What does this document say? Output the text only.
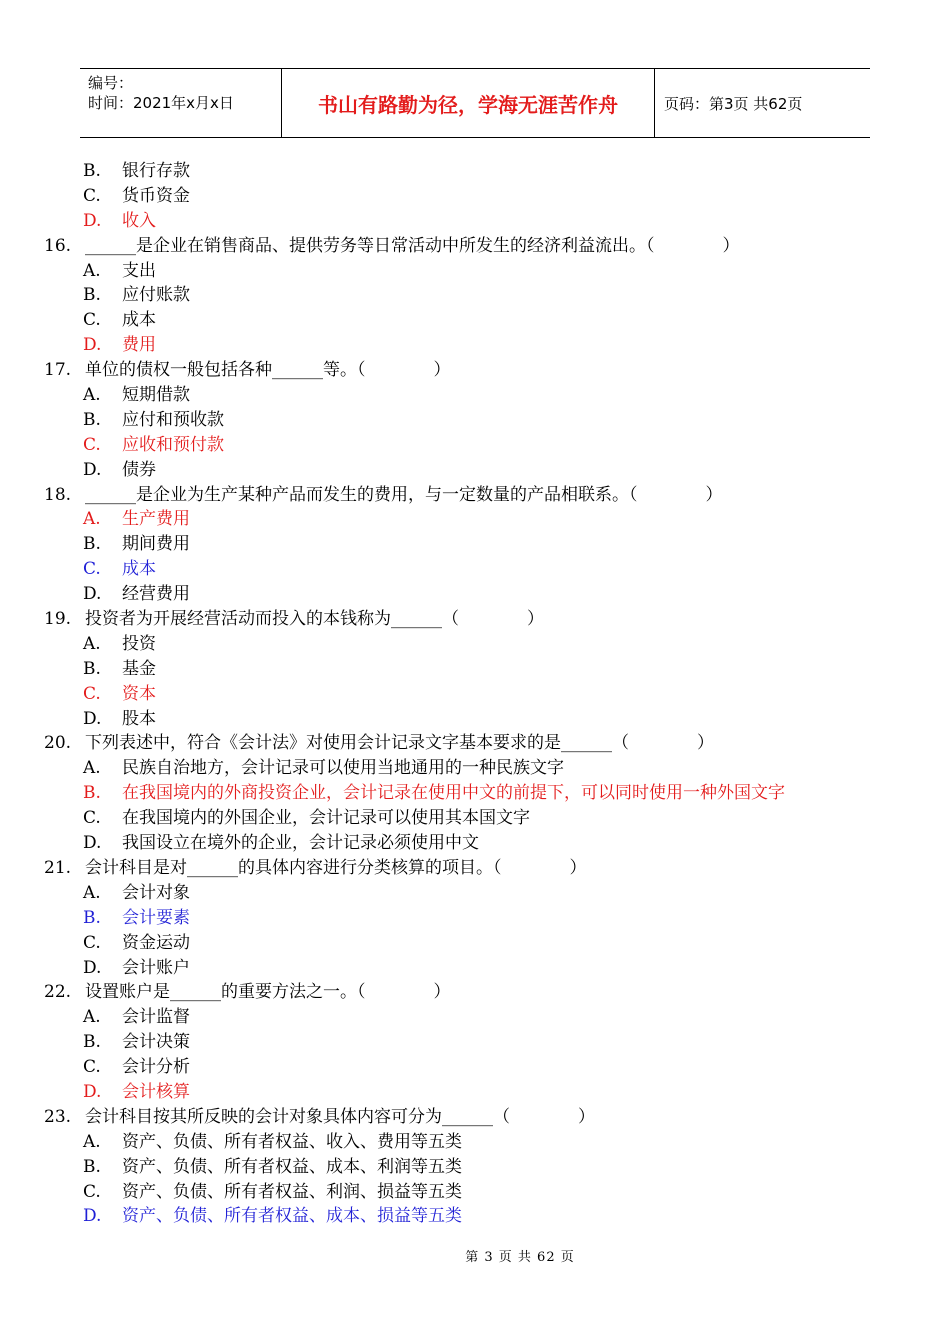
编号：
时间：2021年x月x日	书山有路勤为径，学海无涯苦作舟	页码：第3页 共62页
B.	银行存款
C.	货币资金
D.	收入
16. ______是企业在销售商品、提供劳务等日常活动中所发生的经济利益流出。（　　　　）
A.	支出
B.	应付账款
C.	成本
D.	费用
17. 单位的债权一般包括各种______等。（　　　　）
A.	短期借款
B.	应付和预收款
C.	应收和预付款
D.	债券
18. ______是企业为生产某种产品而发生的费用，与一定数量的产品相联系。（　　　　）
A.	生产费用
B.	期间费用
C.	成本
D.	经营费用
19. 投资者为开展经营活动而投入的本钱称为______（　　　　）
A.	投资
B.	基金
C.	资本
D.	股本
20. 下列表述中，符合《会计法》对使用会计记录文字基本要求的是______（　　　　）
A.	民族自治地方，会计记录可以使用当地通用的一种民族文字
B.	在我国境内的外商投资企业，会计记录在使用中文的前提下，可以同时使用一种外国文字
C.	在我国境内的外国企业，会计记录可以使用其本国文字
D.	我国设立在境外的企业，会计记录必须使用中文
21. 会计科目是对______的具体内容进行分类核算的项目。（　　　　）
A.	会计对象
B.	会计要素
C.	资金运动
D.	会计账户
22. 设置账户是______的重要方法之一。（　　　　）
A.	会计监督
B.	会计决策
C.	会计分析
D.	会计核算
23. 会计科目按其所反映的会计对象具体内容可分为______（　　　　）
A.	资产、负债、所有者权益、收入、费用等五类
B.	资产、负债、所有者权益、成本、利润等五类
C.	资产、负债、所有者权益、利润、损益等五类
D.	资产、负债、所有者权益、成本、损益等五类
第 3 页 共 62 页
